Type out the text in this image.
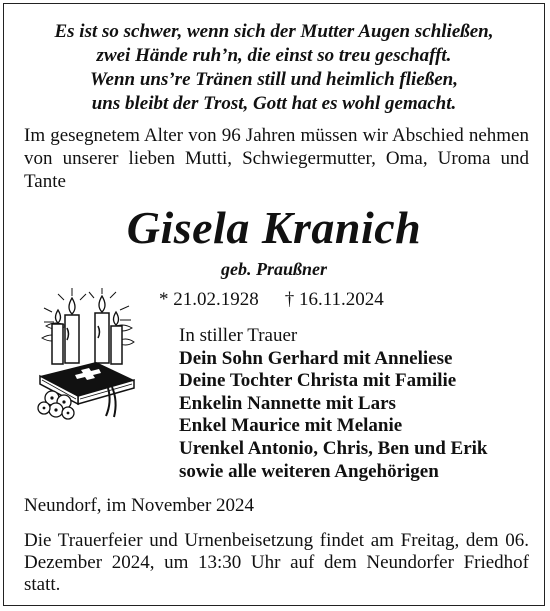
Es ist so schwer, wenn sich der Mutter Augen schließen,
zwei Hände ruh’n, die einst so treu geschafft.
Wenn uns’re Tränen still und heimlich fließen,
uns bleibt der Trost, Gott hat es wohl gemacht.
Im gesegnetem Alter von 96 Jahren müssen wir Abschied nehmen von unserer lieben Mutti, Schwiegermutter, Oma, Uroma und Tante
Gisela Kranich
geb. Praußner
* 21.02.1928 † 16.11.2024
In stiller Trauer
Dein Sohn Gerhard mit Anneliese
Deine Tochter Christa mit Familie
Enkelin Nannette mit Lars
Enkel Maurice mit Melanie
Urenkel Antonio, Chris, Ben und Erik
sowie alle weiteren Angehörigen
Neundorf, im November 2024
Die Trauerfeier und Urnenbeisetzung findet am Freitag, dem 06. Dezember 2024, um 13:30 Uhr auf dem Neundorfer Friedhof statt.
